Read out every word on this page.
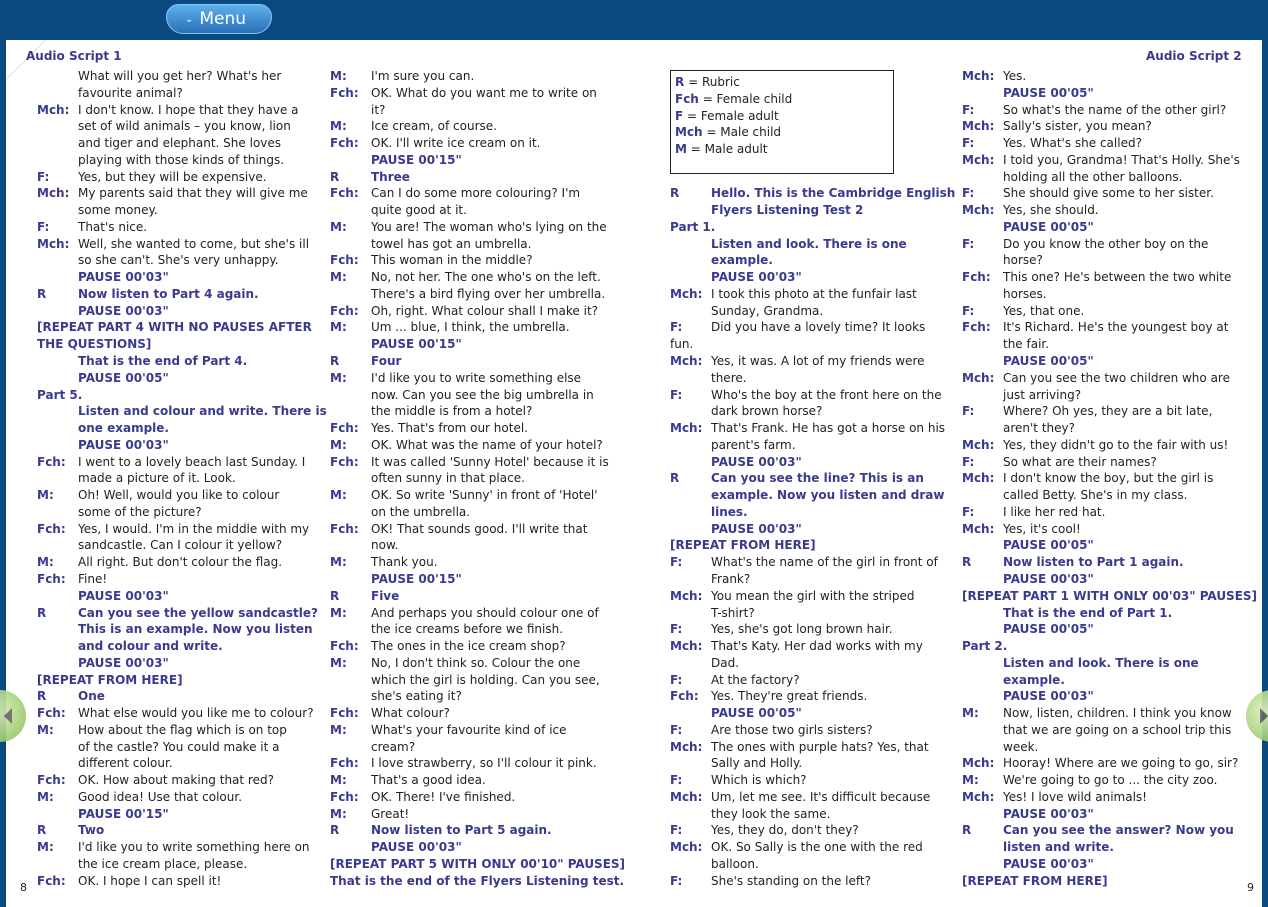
⌄ Menu
Audio Script 1	Audio Script 2
8	9
R = Rubric
Fch = Female child
F = Female adult
Mch = Male child
M = Male adult
What will you get her? What's her
favourite animal?
Mch: I don't know. I hope that they have a
set of wild animals – you know, lion
and tiger and elephant. She loves
playing with those kinds of things.
F: Yes, but they will be expensive.
Mch: My parents said that they will give me
some money.
F: That's nice.
Mch: Well, she wanted to come, but she's ill
so she can't. She's very unhappy.
PAUSE 00'03"
R	Now listen to Part 4 again.
PAUSE 00'03"
[REPEAT PART 4 WITH NO PAUSES AFTER
THE QUESTIONS]
That is the end of Part 4.
PAUSE 00'05"
Part 5.
Listen and colour and write. There is
one example.
PAUSE 00'03"
Fch: I went to a lovely beach last Sunday. I
made a picture of it. Look.
M: Oh! Well, would you like to colour
some of the picture?
Fch: Yes, I would. I'm in the middle with my
sandcastle. Can I colour it yellow?
M: All right. But don't colour the flag.
Fch: Fine!
PAUSE 00'03"
R	Can you see the yellow sandcastle?
This is an example. Now you listen
and colour and write.
PAUSE 00'03"
[REPEAT FROM HERE]
R	One
Fch: What else would you like me to colour?
M: How about the flag which is on top
of the castle? You could make it a
different colour.
Fch: OK. How about making that red?
M: Good idea! Use that colour.
PAUSE 00'15"
R	Two
M: I'd like you to write something here on
the ice cream place, please.
Fch: OK. I hope I can spell it!
M: I'm sure you can.
Fch: OK. What do you want me to write on
it?
M: Ice cream, of course.
Fch: OK. I'll write ice cream on it.
PAUSE 00'15"
R	Three
Fch: Can I do some more colouring? I'm
quite good at it.
M: You are! The woman who's lying on the
towel has got an umbrella.
Fch: This woman in the middle?
M: No, not her. The one who's on the left.
There's a bird flying over her umbrella.
Fch: Oh, right. What colour shall I make it?
M: Um ... blue, I think, the umbrella.
PAUSE 00'15"
R	Four
M: I'd like you to write something else
now. Can you see the big umbrella in
the middle is from a hotel?
Fch: Yes. That's from our hotel.
M: OK. What was the name of your hotel?
Fch: It was called 'Sunny Hotel' because it is
often sunny in that place.
M: OK. So write 'Sunny' in front of 'Hotel'
on the umbrella.
Fch: OK! That sounds good. I'll write that
now.
M: Thank you.
PAUSE 00'15"
R	Five
M: And perhaps you should colour one of
the ice creams before we finish.
Fch: The ones in the ice cream shop?
M: No, I don't think so. Colour the one
which the girl is holding. Can you see,
she's eating it?
Fch: What colour?
M: What's your favourite kind of ice
cream?
Fch: I love strawberry, so I'll colour it pink.
M: That's a good idea.
Fch: OK. There! I've finished.
M: Great!
R	Now listen to Part 5 again.
PAUSE 00'03"
[REPEAT PART 5 WITH ONLY 00'10" PAUSES]
That is the end of the Flyers Listening test.
R	Hello. This is the Cambridge English
Flyers Listening Test 2
Part 1.
Listen and look. There is one
example.
PAUSE 00'03"
Mch: I took this photo at the funfair last
Sunday, Grandma.
F: Did you have a lovely time? It looks
fun.
Mch: Yes, it was. A lot of my friends were
there.
F: Who's the boy at the front here on the
dark brown horse?
Mch: That's Frank. He has got a horse on his
parent's farm.
PAUSE 00'03"
R	Can you see the line? This is an
example. Now you listen and draw
lines.
PAUSE 00'03"
[REPEAT FROM HERE]
F: What's the name of the girl in front of
Frank?
Mch: You mean the girl with the striped
T-shirt?
F: Yes, she's got long brown hair.
Mch: That's Katy. Her dad works with my
Dad.
F: At the factory?
Fch: Yes. They're great friends.
PAUSE 00'05"
F: Are those two girls sisters?
Mch: The ones with purple hats? Yes, that
Sally and Holly.
F: Which is which?
Mch: Um, let me see. It's difficult because
they look the same.
F: Yes, they do, don't they?
Mch: OK. So Sally is the one with the red
balloon.
F: She's standing on the left?
Mch: Yes.
PAUSE 00'05"
F: So what's the name of the other girl?
Mch: Sally's sister, you mean?
F: Yes. What's she called?
Mch: I told you, Grandma! That's Holly. She's
holding all the other balloons.
F: She should give some to her sister.
Mch: Yes, she should.
PAUSE 00'05"
F: Do you know the other boy on the
horse?
Fch: This one? He's between the two white
horses.
F: Yes, that one.
Fch: It's Richard. He's the youngest boy at
the fair.
PAUSE 00'05"
Mch: Can you see the two children who are
just arriving?
F: Where? Oh yes, they are a bit late,
aren't they?
Mch: Yes, they didn't go to the fair with us!
F: So what are their names?
Mch: I don't know the boy, but the girl is
called Betty. She's in my class.
F: I like her red hat.
Mch: Yes, it's cool!
PAUSE 00'05"
R	Now listen to Part 1 again.
PAUSE 00'03"
[REPEAT PART 1 WITH ONLY 00'03" PAUSES]
That is the end of Part 1.
PAUSE 00'05"
Part 2.
Listen and look. There is one
example.
PAUSE 00'03"
M: Now, listen, children. I think you know
that we are going on a school trip this
week.
Mch: Hooray! Where are we going to go, sir?
M: We're going to go to ... the city zoo.
Mch: Yes! I love wild animals!
PAUSE 00'03"
R	Can you see the answer? Now you
listen and write.
PAUSE 00'03"
[REPEAT FROM HERE]
